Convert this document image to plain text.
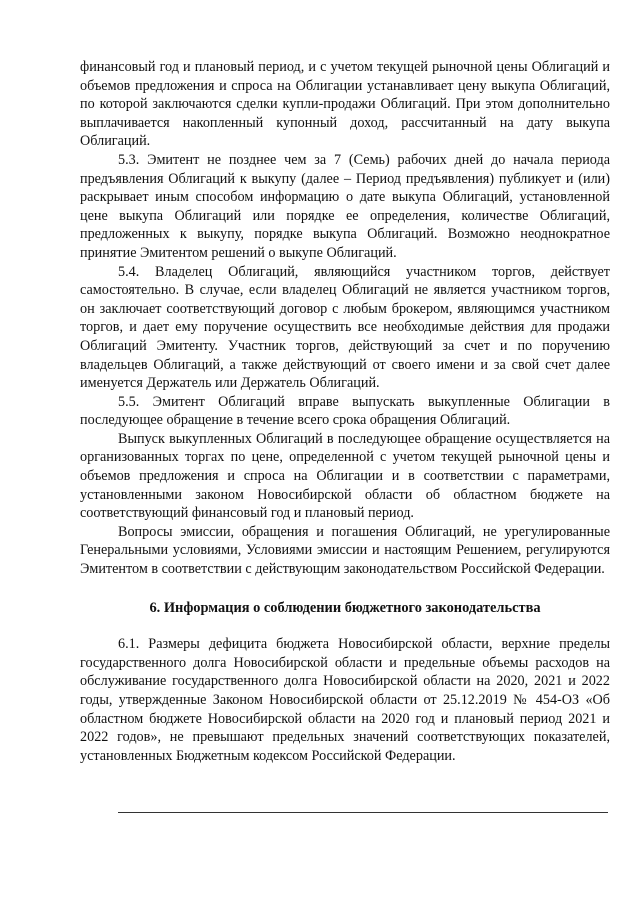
финансовый год и плановый период, и с учетом текущей рыночной цены Облигаций и объемов предложения и спроса на Облигации устанавливает цену выкупа Облигаций, по которой заключаются сделки купли-продажи Облигаций. При этом дополнительно выплачивается накопленный купонный доход, рассчитанный на дату выкупа Облигаций.

5.3. Эмитент не позднее чем за 7 (Семь) рабочих дней до начала периода предъявления Облигаций к выкупу (далее – Период предъявления) публикует и (или) раскрывает иным способом информацию о дате выкупа Облигаций, установленной цене выкупа Облигаций или порядке ее определения, количестве Облигаций, предложенных к выкупу, порядке выкупа Облигаций. Возможно неоднократное принятие Эмитентом решений о выкупе Облигаций.

5.4. Владелец Облигаций, являющийся участником торгов, действует самостоятельно. В случае, если владелец Облигаций не является участником торгов, он заключает соответствующий договор с любым брокером, являющимся участником торгов, и дает ему поручение осуществить все необходимые действия для продажи Облигаций Эмитенту. Участник торгов, действующий за счет и по поручению владельцев Облигаций, а также действующий от своего имени и за свой счет далее именуется Держатель или Держатель Облигаций.

5.5. Эмитент Облигаций вправе выпускать выкупленные Облигации в последующее обращение в течение всего срока обращения Облигаций.

Выпуск выкупленных Облигаций в последующее обращение осуществляется на организованных торгах по цене, определенной с учетом текущей рыночной цены и объемов предложения и спроса на Облигации и в соответствии с параметрами, установленными законом Новосибирской области об областном бюджете на соответствующий финансовый год и плановый период.

Вопросы эмиссии, обращения и погашения Облигаций, не урегулированные Генеральными условиями, Условиями эмиссии и настоящим Решением, регулируются Эмитентом в соответствии с действующим законодательством Российской Федерации.

6. Информация о соблюдении бюджетного законодательства

6.1. Размеры дефицита бюджета Новосибирской области, верхние пределы государственного долга Новосибирской области и предельные объемы расходов на обслуживание государственного долга Новосибирской области на 2020, 2021 и 2022 годы, утвержденные Законом Новосибирской области от 25.12.2019 № 454-ОЗ «Об областном бюджете Новосибирской области на 2020 год и плановый период 2021 и 2022 годов», не превышают предельных значений соответствующих показателей, установленных Бюджетным кодексом Российской Федерации.
